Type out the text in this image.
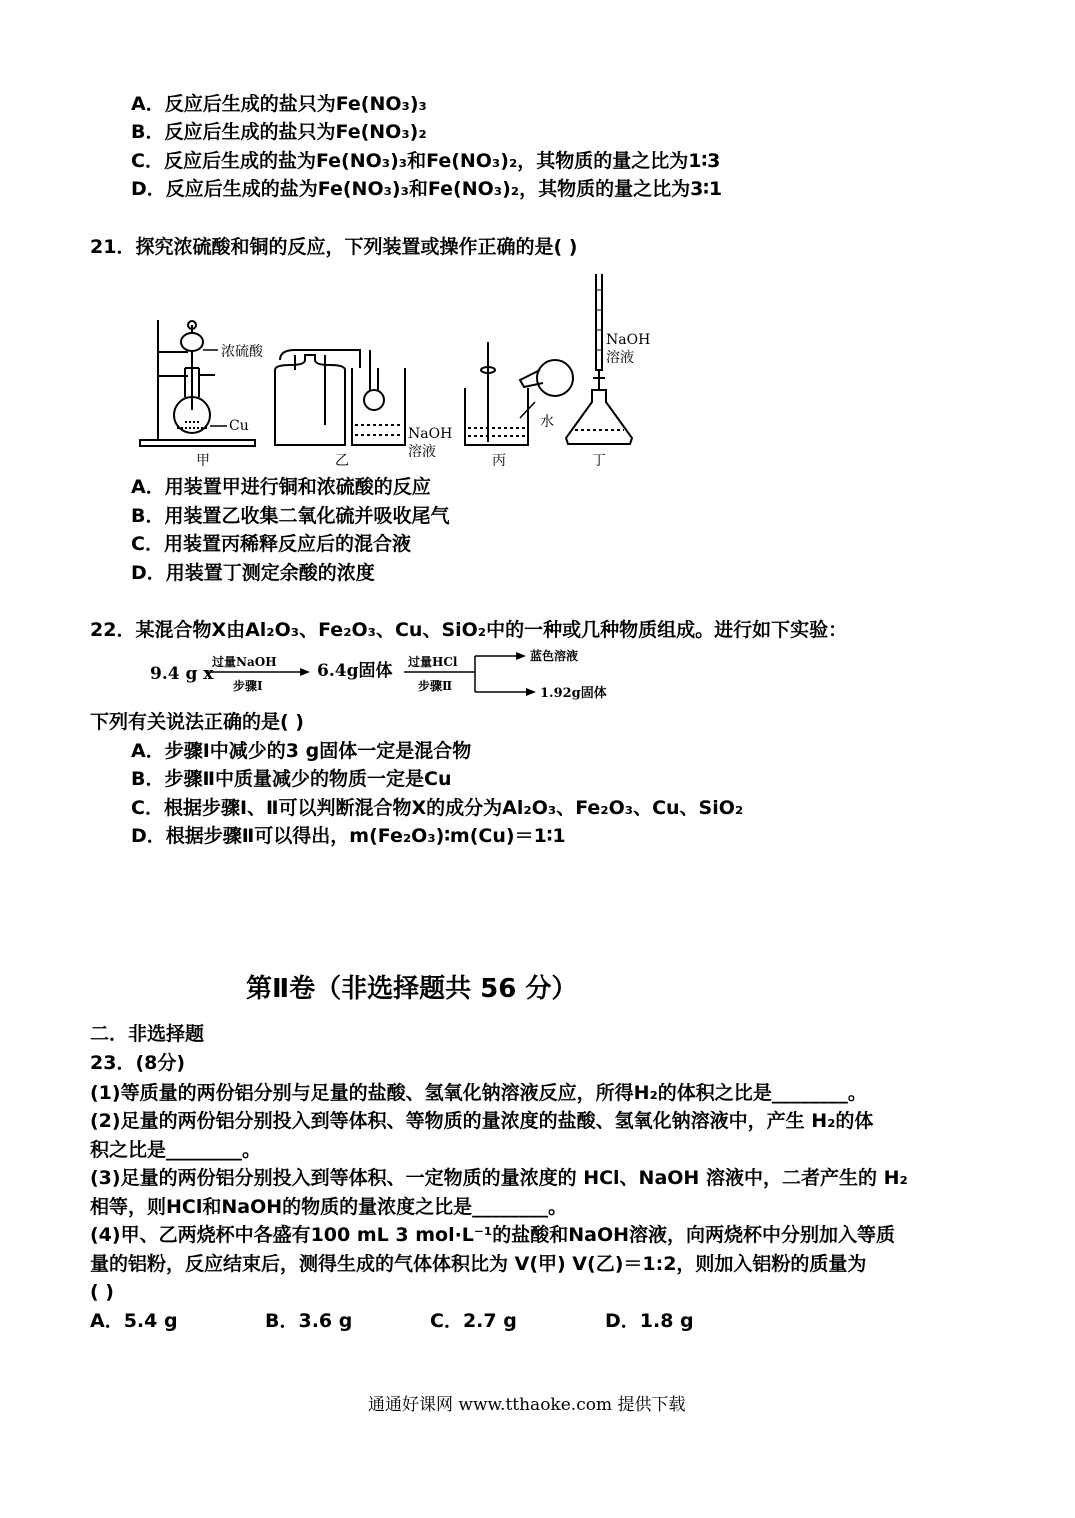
A．反应后生成的盐只为Fe(NO₃)₃
B．反应后生成的盐只为Fe(NO₃)₂
C．反应后生成的盐为Fe(NO₃)₃和Fe(NO₃)₂，其物质的量之比为1∶3
D．反应后生成的盐为Fe(NO₃)₃和Fe(NO₃)₂，其物质的量之比为3∶1
21．探究浓硫酸和铜的反应，下列装置或操作正确的是( )
浓硫酸
Cu
甲
NaOH
溶液
乙
水
丙
NaOH
溶液
丁
A．用装置甲进行铜和浓硫酸的反应
B．用装置乙收集二氧化硫并吸收尾气
C．用装置丙稀释反应后的混合液
D．用装置丁测定余酸的浓度
22．某混合物X由Al₂O₃、Fe₂O₃、Cu、SiO₂中的一种或几种物质组成。进行如下实验：
9.4 g x
过量NaOH
步骤Ⅰ
6.4g固体 过量HCl
步骤Ⅱ
蓝色溶液
1.92g固体
下列有关说法正确的是( )
A．步骤Ⅰ中减少的3 g固体一定是混合物
B．步骤Ⅱ中质量减少的物质一定是Cu
C．根据步骤Ⅰ、Ⅱ可以判断混合物X的成分为Al₂O₃、Fe₂O₃、Cu、SiO₂
D．根据步骤Ⅱ可以得出，m(Fe₂O₃)∶m(Cu)＝1∶1
第Ⅱ卷（非选择题共 56 分）
二．非选择题
23．(8分)
(1)等质量的两份铝分别与足量的盐酸、氢氧化钠溶液反应，所得H₂的体积之比是________。
(2)足量的两份铝分别投入到等体积、等物质的量浓度的盐酸、氢氧化钠溶液中，产生 H₂的体
积之比是________。
(3)足量的两份铝分别投入到等体积、一定物质的量浓度的 HCl、NaOH 溶液中，二者产生的 H₂
相等，则HCl和NaOH的物质的量浓度之比是________。
(4)甲、乙两烧杯中各盛有100 mL 3 mol·L⁻¹的盐酸和NaOH溶液，向两烧杯中分别加入等质
量的铝粉，反应结束后，测得生成的气体体积比为 V(甲) V(乙)＝1:2，则加入铝粉的质量为
( )
A．5.4 g	B．3.6 g	C．2.7 g	D．1.8 g
通通好课网 www.tthaoke.com 提供下载
